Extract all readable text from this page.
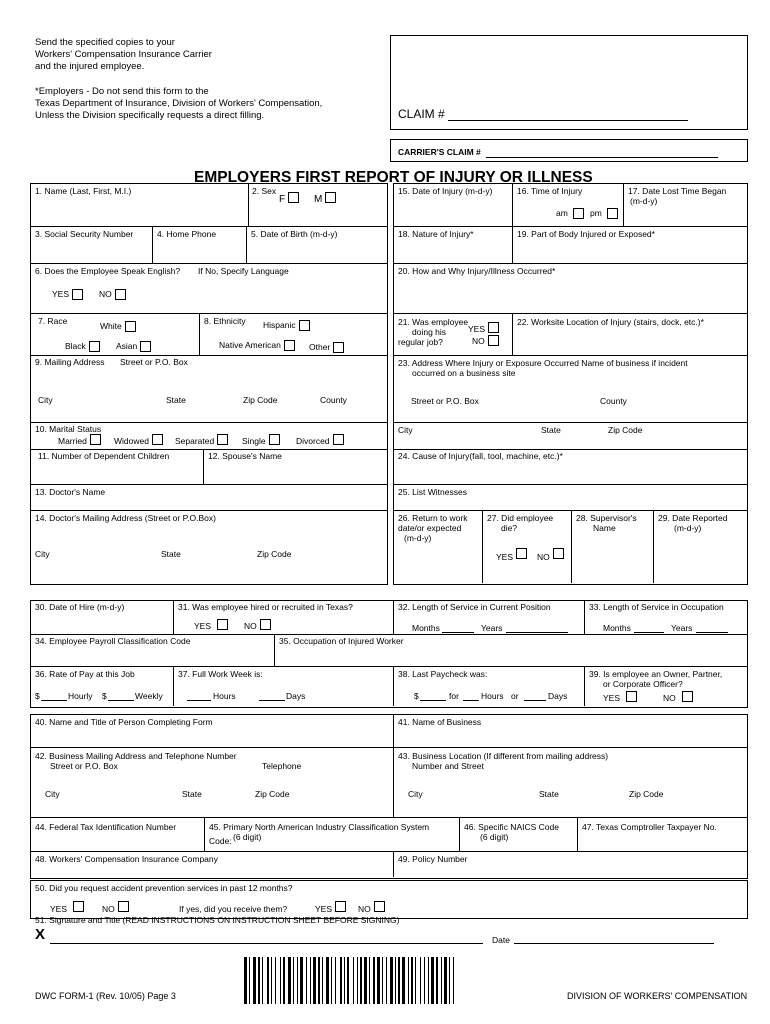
Send the specified copies to your
Workers' Compensation Insurance Carrier
and the injured employee.
*Employers - Do not send this form to the
Texas Department of Insurance, Division of Workers' Compensation,
Unless the Division specifically requests a direct filling.	CLAIM #
CARRIER'S CLAIM #
EMPLOYERS FIRST REPORT OF INJURY OR ILLNESS
1. Name (Last, First, M.I.)	2. Sex
F	M
3. Social Security Number	4. Home Phone	5. Date of Birth (m-d-y)
6. Does the Employee Speak English? If No, Specify Language
YES	NO
7. Race	White
Black	Asian
8. Ethnicity Hispanic
Native American	Other
9. Mailing Address Street or P.O. Box
City	State	Zip Code	County
10. Marital Status
Married	Widowed	Separated	Single	Divorced
11. Number of Dependent Children	12. Spouse's Name
13. Doctor's Name
14. Doctor's Mailing Address (Street or P.O.Box)
City	State	Zip Code
15. Date of Injury (m-d-y)	16. Time of Injury
am	pm
17. Date Lost Time Began
(m-d-y)
18. Nature of Injury*	19. Part of Body Injured or Exposed*
20. How and Why Injury/Illness Occurred*
21. Was employee
doing his
regular job?
YES
NO
22. Worksite Location of Injury (stairs, dock, etc.)*
23. Address Where Injury or Exposure Occurred Name of business if incident
occurred on a business site
Street or P.O. Box	County
City	State	Zip Code
24. Cause of Injury(fall, tool, machine, etc.)*
25. List Witnesses
26. Return to work
date/or expected
(m-d-y)
27. Did employee
die?
YES	NO
28. Supervisor's
Name
29. Date Reported
(m-d-y)
30. Date of Hire (m-d-y)	31. Was employee hired or recruited in Texas?
YES	NO
32. Length of Service in Current Position
Months	Years
33. Length of Service in Occupation
Months	Years
34. Employee Payroll Classification Code	35. Occupation of Injured Worker
36. Rate of Pay at this Job
$	Hourly $	Weekly
37. Full Work Week is:
Hours	Days
38. Last Paycheck was:
$	for	Hours or	Days
39. Is employee an Owner, Partner,
or Corporate Officer?
YES	NO
40. Name and Title of Person Completing Form	41. Name of Business
42. Business Mailing Address and Telephone Number
Street or P.O. Box	Telephone
City	State	Zip Code
43. Business Location (If different from mailing address)
Number and Street
City	State	Zip Code
44. Federal Tax Identification Number	45. Primary North American Industry Classification System
Code: (6 digit)
46. Specific NAICS Code
(6 digit)
47. Texas Comptroller Taxpayer No.
48. Workers' Compensation Insurance Company	49. Policy Number
50. Did you request accident prevention services in past 12 months?
YES	NO	If yes, did you receive them?	YES	NO
51. Signature and Title (READ INSTRUCTIONS ON INSTRUCTION SHEET BEFORE SIGNING)
X	Date
DWC FORM-1 (Rev. 10/05) Page 3	DIVISION OF WORKERS' COMPENSATION
